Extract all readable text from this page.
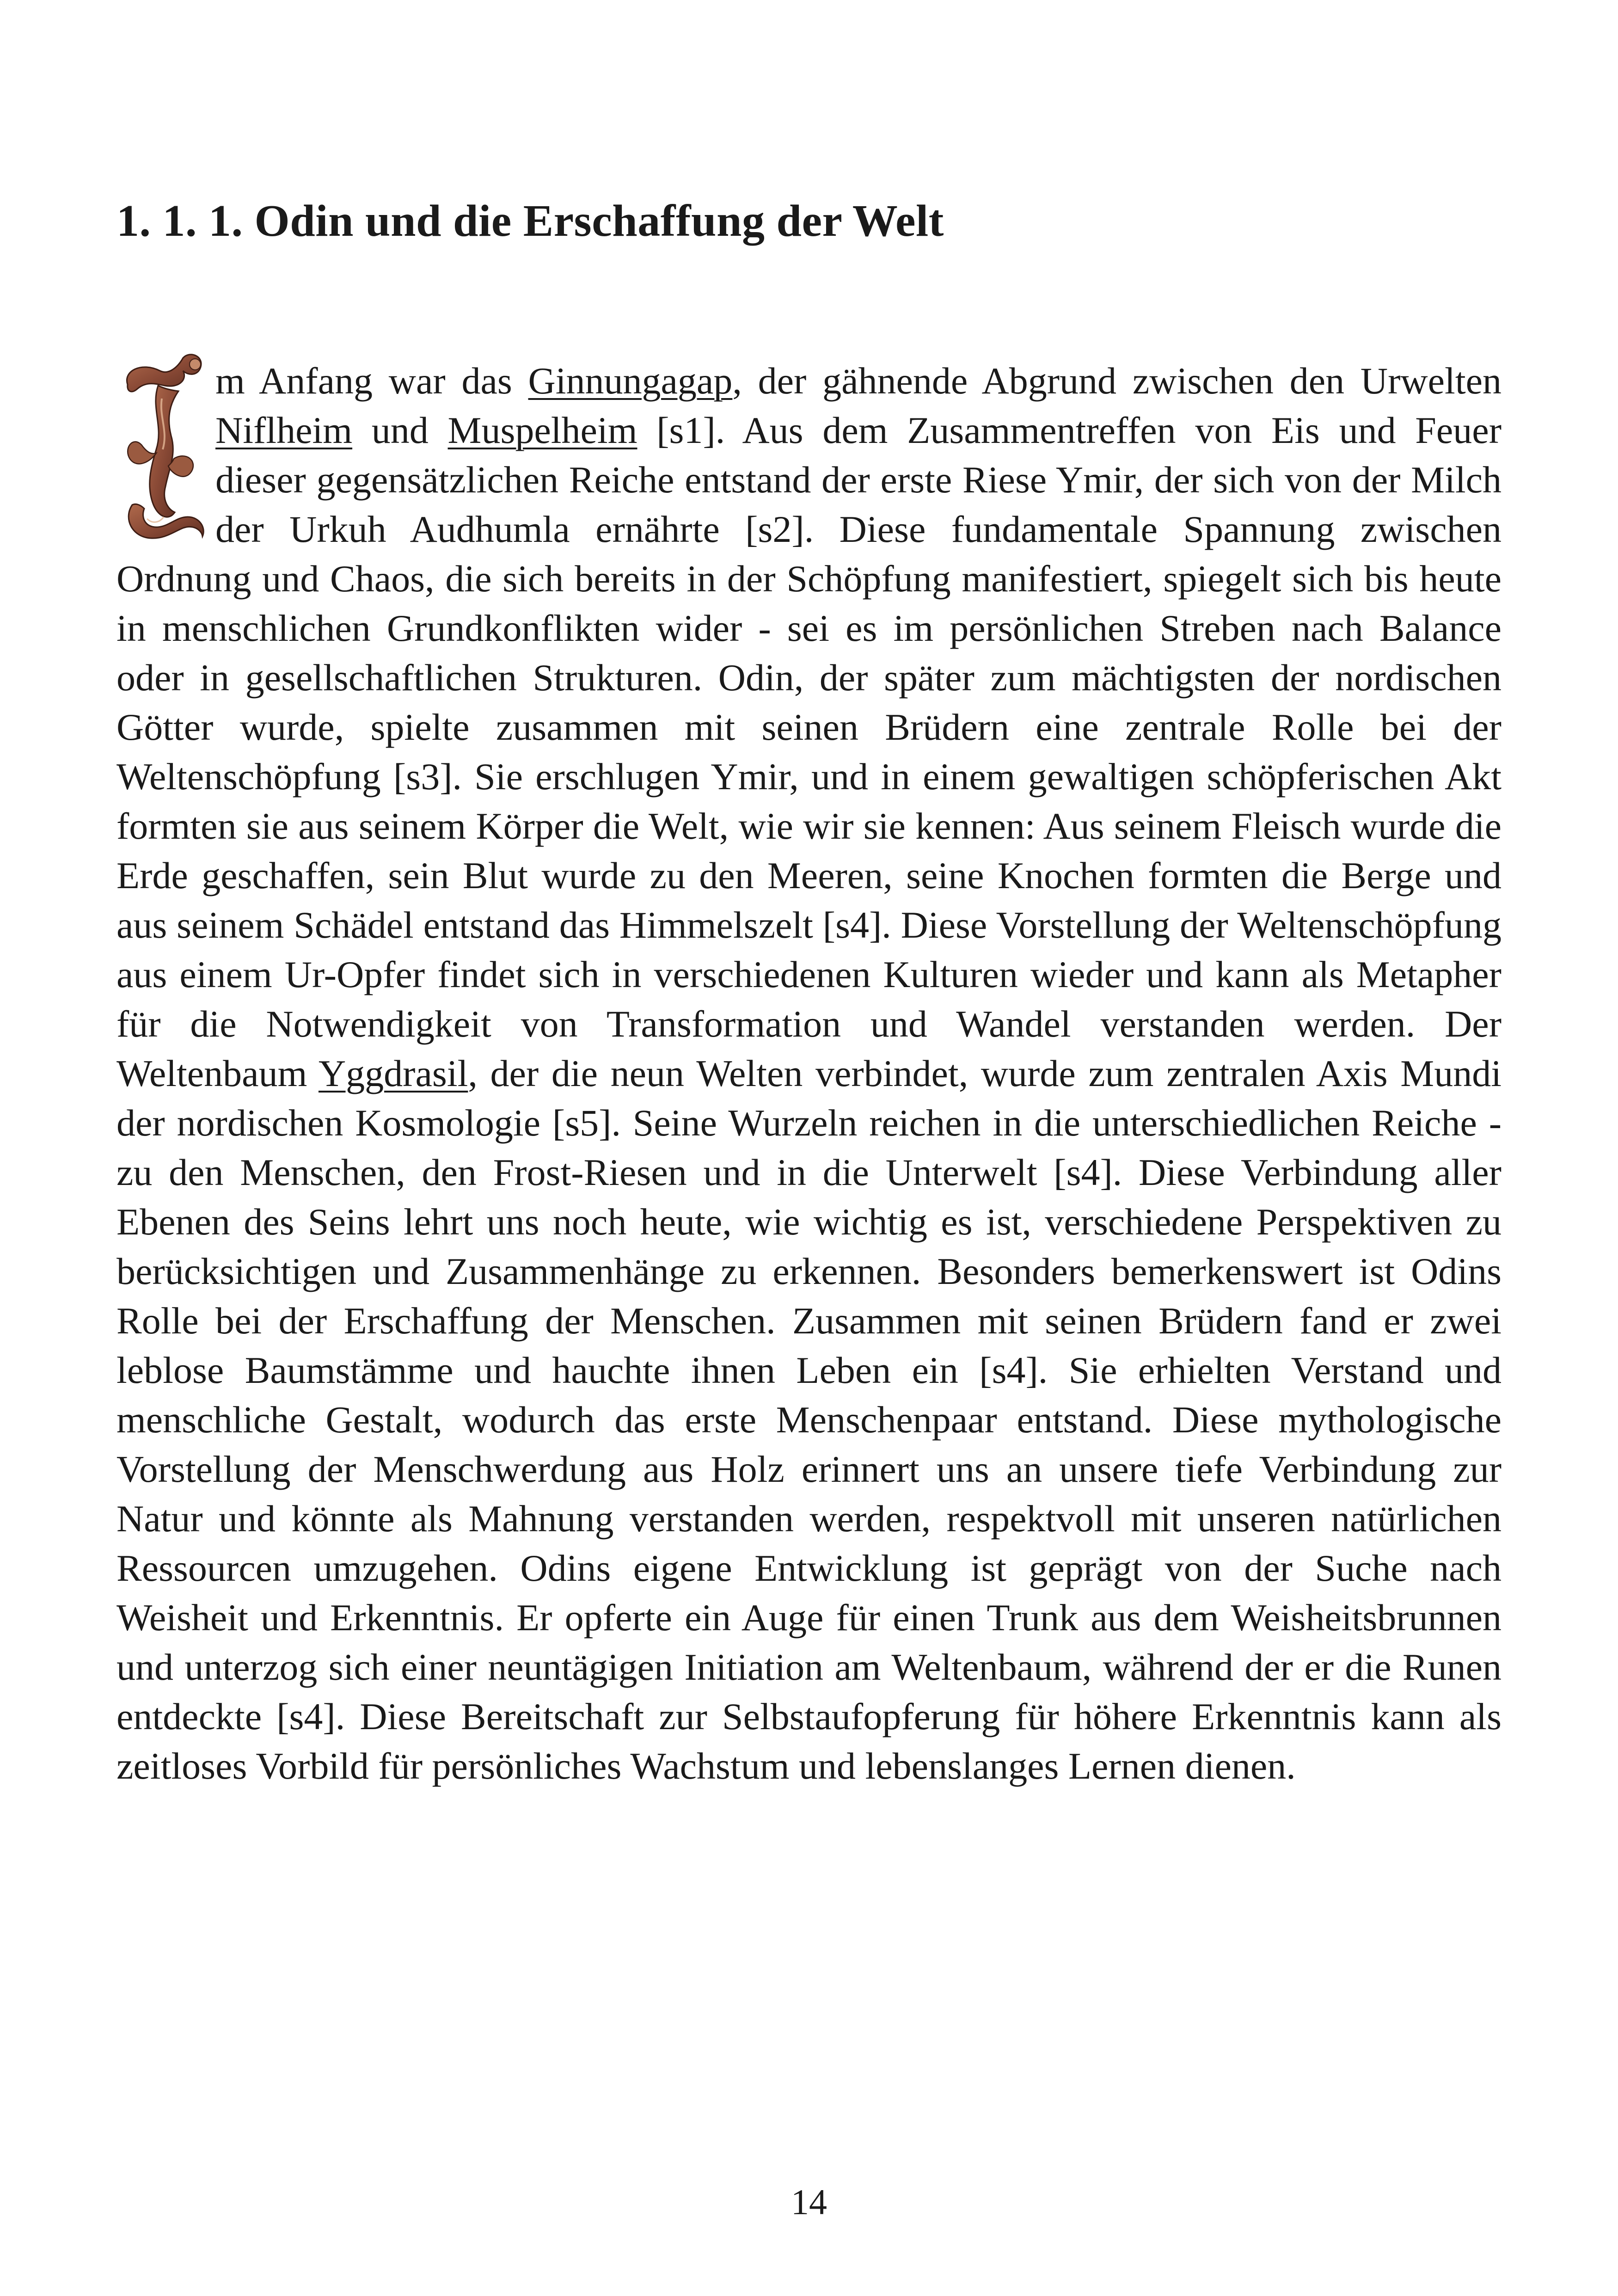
1. 1. 1. Odin und die Erschaffung der Welt

m Anfang war das Ginnungagap, der gähnende Abgrund zwischen den Urwelten Niflheim und Muspelheim [s1]. Aus dem Zusammentreffen von Eis und Feuer dieser gegensätzlichen Reiche entstand der erste Riese Ymir, der sich von der Milch der Urkuh Audhumla ernährte [s2]. Diese fundamentale Spannung zwischen Ordnung und Chaos, die sich bereits in der Schöpfung manifestiert, spiegelt sich bis heute in menschlichen Grundkonflikten wider - sei es im persönlichen Streben nach Balance oder in gesellschaftlichen Strukturen. Odin, der später zum mächtigsten der nordischen Götter wurde, spielte zusammen mit seinen Brüdern eine zentrale Rolle bei der Weltenschöpfung [s3]. Sie erschlugen Ymir, und in einem gewaltigen schöpferischen Akt formten sie aus seinem Körper die Welt, wie wir sie kennen: Aus seinem Fleisch wurde die Erde geschaffen, sein Blut wurde zu den Meeren, seine Knochen formten die Berge und aus seinem Schädel entstand das Himmelszelt [s4]. Diese Vorstellung der Weltenschöpfung aus einem Ur-Opfer findet sich in verschiedenen Kulturen wieder und kann als Metapher für die Notwendigkeit von Transformation und Wandel verstanden werden. Der Weltenbaum Yggdrasil, der die neun Welten verbindet, wurde zum zentralen Axis Mundi der nordischen Kosmologie [s5]. Seine Wurzeln reichen in die unterschiedlichen Reiche - zu den Menschen, den Frost-Riesen und in die Unterwelt [s4]. Diese Verbindung aller Ebenen des Seins lehrt uns noch heute, wie wichtig es ist, verschiedene Perspektiven zu berücksichtigen und Zusammenhänge zu erkennen. Besonders bemerkenswert ist Odins Rolle bei der Erschaffung der Menschen. Zusammen mit seinen Brüdern fand er zwei leblose Baumstämme und hauchte ihnen Leben ein [s4]. Sie erhielten Verstand und menschliche Gestalt, wodurch das erste Menschenpaar entstand. Diese mythologische Vorstellung der Menschwerdung aus Holz erinnert uns an unsere tiefe Verbindung zur Natur und könnte als Mahnung verstanden werden, respektvoll mit unseren natürlichen Ressourcen umzugehen. Odins eigene Entwicklung ist geprägt von der Suche nach Weisheit und Erkenntnis. Er opferte ein Auge für einen Trunk aus dem Weisheitsbrunnen und unterzog sich einer neuntägigen Initiation am Weltenbaum, während der er die Runen entdeckte [s4]. Diese Bereitschaft zur Selbstaufopferung für höhere Erkenntnis kann als zeitloses Vorbild für persönliches Wachstum und lebenslanges Lernen dienen.

14
